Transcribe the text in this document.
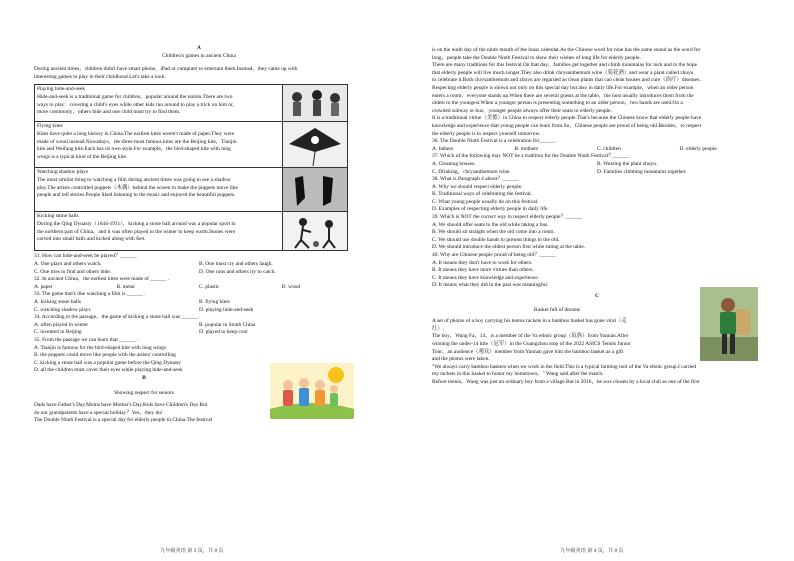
A

Children's games in ancient China

During ancient times，children didn't have smart phone，iPad or computer to entertain them.Instead，they came up with

interesting games to play in their childhood.Let's take a look.

Playing hide-and-seek
Hide-and-seek is a traditional game for children，popular around the nation.There are two
ways to play：covering a child's eyes while other kids run around to play a trick on him or,
more commonly，others hide and one child must try to find them.

Flying kites
Kites have quite a long history in China.The earliest kites weren't made of paper.They were
made of wood instead.Nowadays，the three most famous kites are the Beijing kite，Tianjin
kite and Weifang kite.Each has its own style.For example，the bird-shaped kite with long
wings is a typical kind of the Beijing kite.

Watching shadow plays
The most similar thing to watching a film during ancient times was going to see a shadow
play.The artists controlled puppets（木偶）behind the screen to make the puppets move like
people and tell stories.People liked listening to the music and enjoyed the beautiful puppets.

Kicking stone balls
During the Qing Dynasty（1644-1911），kicking a stone ball around was a popular sport in
the northern part of China，and it was often played in the winter to keep warm.Stones were
carved into small balls and kicked along with feet.

31. How can hide-and-seek be played？______

A. One plays and others watch.	B. One must cry and others laugh.
C. One tries to find and others hide.	D. One runs and others try to catch.

32. In ancient China，the earliest kites were made of ______ .

A. paper	B. metal	C. plastic	D. wood

33. The game that's like watching a film is ______ .

A. kicking stone balls	B. flying kites
C. watching shadow plays	D. playing hide-and-seek

34. According to the passage，the game of kicking a stone ball was ______ .

A. often played in winter	B. popular in South China
C. invented in Beijing	D. played to keep cool

35. From the passage we can learn that ______ .

A. Tianjin is famous for the bird-shaped kite with long wings

B. the puppets could move like people with the artists' controlling

C. kicking a stone ball was a popular game before the Qing Dynasty

D. all the children must cover their eyes while playing hide-and-seek

B

Showing respect for seniors

Dads have Father's Day.Moms have Mother's Day.Kids have Children's Day.But

do our grandparents have a special holiday？Yes，they do!

The Double Ninth Festival is a special day for elderly people in China.The festival

九年级英语 第 3 页，共 8 页

is on the ninth day of the ninth month of the lunar calendar.As the Chinese word for nine has the same sound as the word for

long，people take the Double Ninth Festival to show their wishes of long life for elderly people.

There are many traditions for this festival.On that day，families get together and climb mountains for luck and in the hope

that elderly people will live much longer.They also drink chrysanthemum wine（菊花酒）and wear a plant called zhuyu

to celebrate it.Both chrysanthemum and zhuyu are regarded as clean plants that can clean houses and cure（治疗）diseases.

Respecting elderly people is shown not only on this special day but also in daily life.For example，when an older person

enters a room，everyone stands up.When there are several guests at the table，the host usually introduces them from the

oldest to the youngest.When a younger person is presenting something to an older person，two hands are used.On a

crowded subway or bus，younger people always offer their seats to elderly people.

It is a traditional virtue（美德）in China to respect elderly people.That's because the Chinese know that elderly people have

knowledge and experience that young people can learn from.So，Chinese people are proud of being old.Besides，to respect

the elderly people is to respect yourself tomorrow.

36. The Double Ninth Festival is a celebration for______.

A. fathers	B. mothers	C. children	D. elderly people

37. Which of the following may NOT be a tradition for the Double Ninth Festival？______

A. Cleaning houses.	B. Wearing the plant zhuyu.
C. Drinking，chrysanthemum wine.	D. Families climbing mountains together.

38. What is Paragraph 4 about？______

A. Why we should respect elderly people.

B. Traditional ways of celebrating the festival.

C. What young people usually do on this festival.

D. Examples of respecting elderly people in daily life.

39. Which is NOT the correct way to respect elderly people？______

A. We should offer seats to the old while taking a bus.

B. We should sit straight when the old come into a room.

C. We should use double hands to present things to the old.

D. We should introduce the oldest person first while eating at the table.

40. Why are Chinese people proud of being old？______

A. It means they don't have to work for others.

B. It means they have more virtues than others.

C. It means they have knowledge and experience.

D. It means what they did in the past was meaningful.

C

Basket full of dreams

A set of photos of a boy carrying his tennis rackets in a bamboo basket has gone viral（走

红）.

The boy，Wang Fa，14，is a member of the Va ethnic group（佤族）from Yunnan.After

winning the under-14 title（冠军）in the Guangzhou stop of the 2022 ASICS Tennis Junior

Tour，an audience（观众）member from Yunnan gave him the bamboo basket as a gift

and the photos were taken.

"We always carry bamboo baskets when we work in the field.This is a typical farming tool of the Va ethnic group.I carried

my rackets in this basket to honor my hometown，" Wang said after the match.

Before tennis，Wang was just an ordinary boy from a village.But in 2016，he was chosen by a local club as one of the first

九年级英语 第 4 页，共 8 页
